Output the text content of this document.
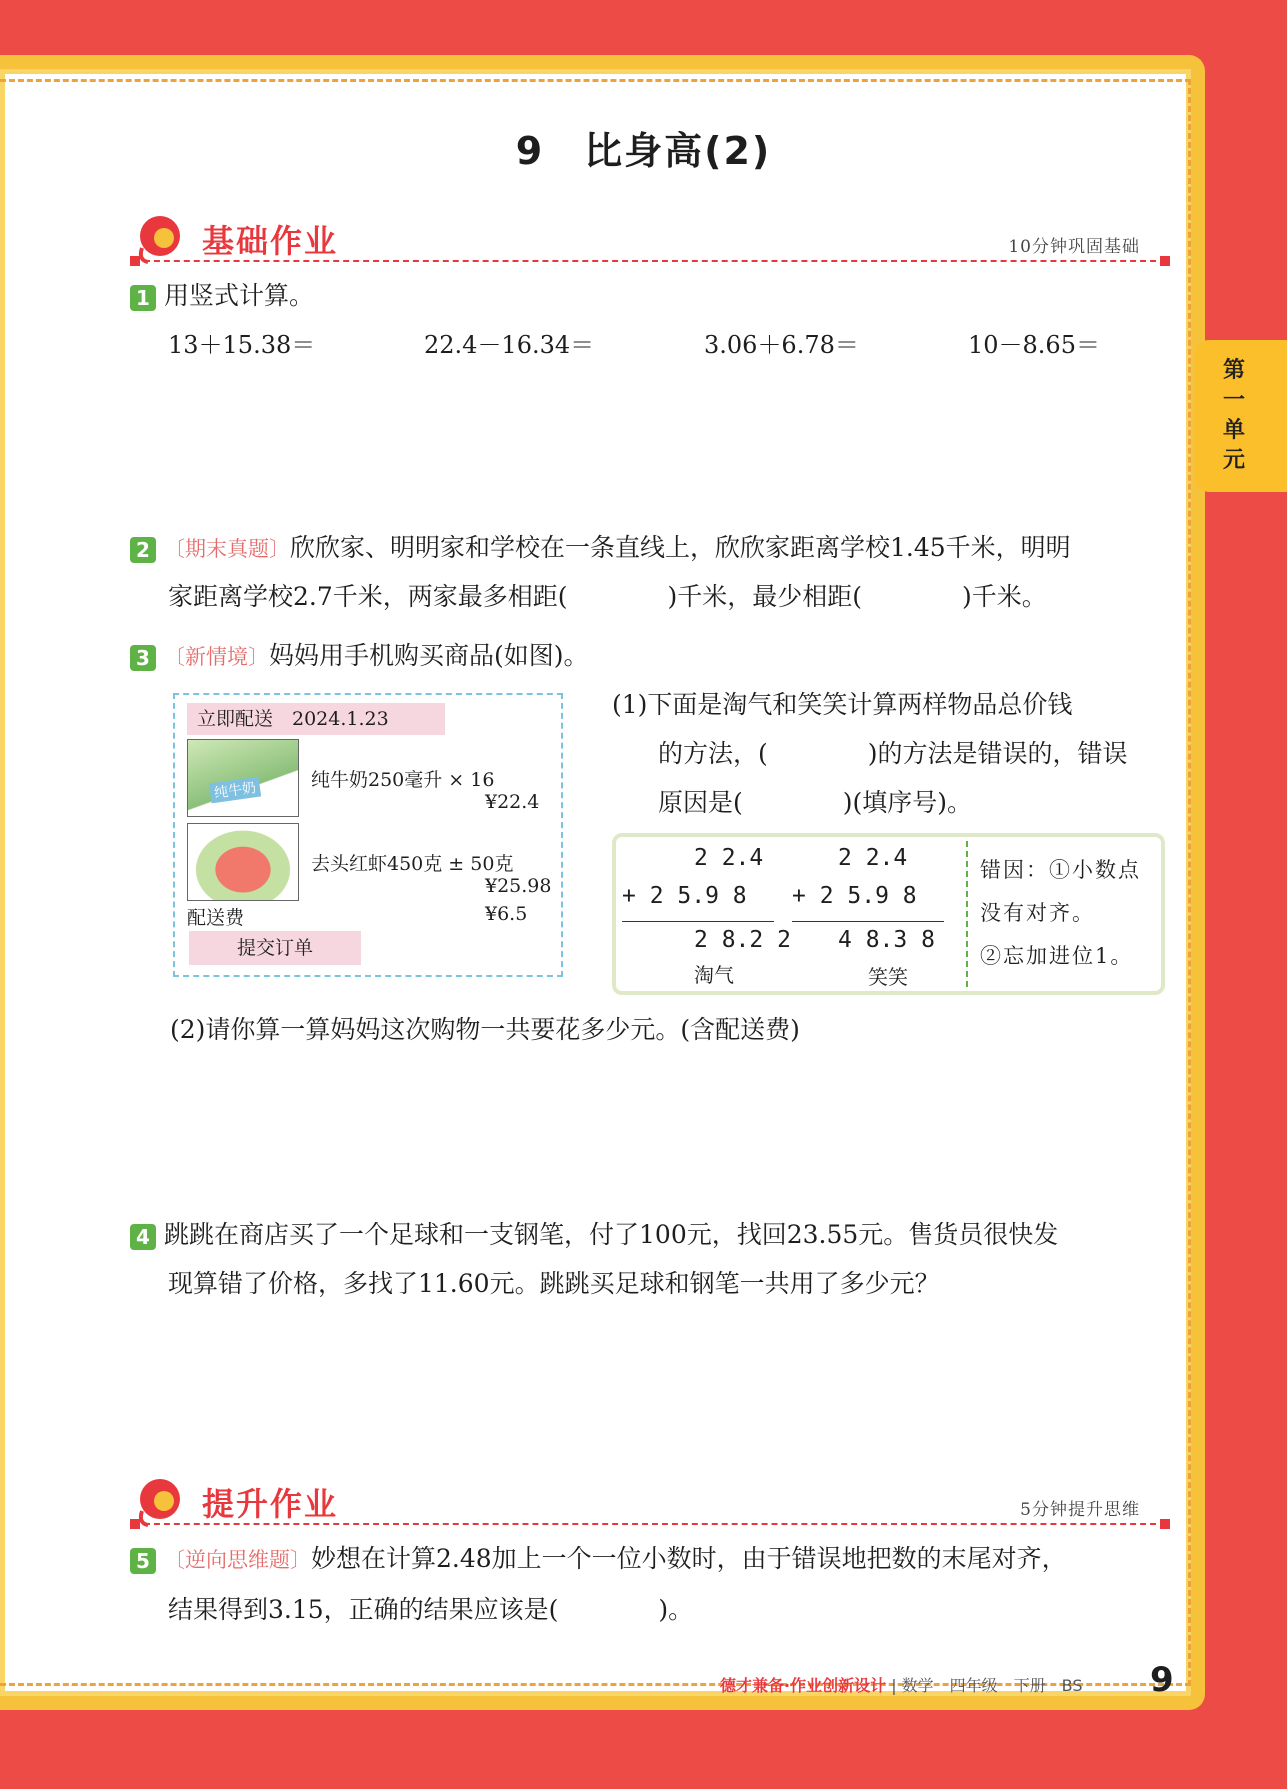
第
一
单
元
9　比身高(2)
基础作业	10分钟巩固基础
1 用竖式计算。
13＋15.38＝	22.4－16.34＝	3.06＋6.78＝	10－8.65＝
2 〔期末真题〕欣欣家、明明家和学校在一条直线上，欣欣家距离学校1.45千米，明明
家距离学校2.7千米，两家最多相距(　　　　)千米，最少相距(　　　　)千米。
3 〔新情境〕妈妈用手机购买商品(如图)。
立即配送　2024.1.23　
纯牛奶	纯牛奶250毫升 × 16
¥22.4
去头红虾450克 ± 50克
¥25.98
配送费	¥6.5
提交订单
(1)下面是淘气和笑笑计算两样物品总价钱
的方法，(　　　　)的方法是错误的，错误
原因是(　　　　)(填序号)。
2 2.4
+ 2 5.9 8
2 8.2 2
淘气
2 2.4
+ 2 5.9 8
4 8.3 8
笑笑
错因：①小数点
没有对齐。
②忘加进位1。
(2)请你算一算妈妈这次购物一共要花多少元。(含配送费)
4 跳跳在商店买了一个足球和一支钢笔，付了100元，找回23.55元。售货员很快发
现算错了价格，多找了11.60元。跳跳买足球和钢笔一共用了多少元？
提升作业	5分钟提升思维
5 〔逆向思维题〕妙想在计算2.48加上一个一位小数时，由于错误地把数的末尾对齐，
结果得到3.15，正确的结果应该是(　　　　)。
德才兼备·作业创新设计 | 数学　四年级　下册　BS	9
